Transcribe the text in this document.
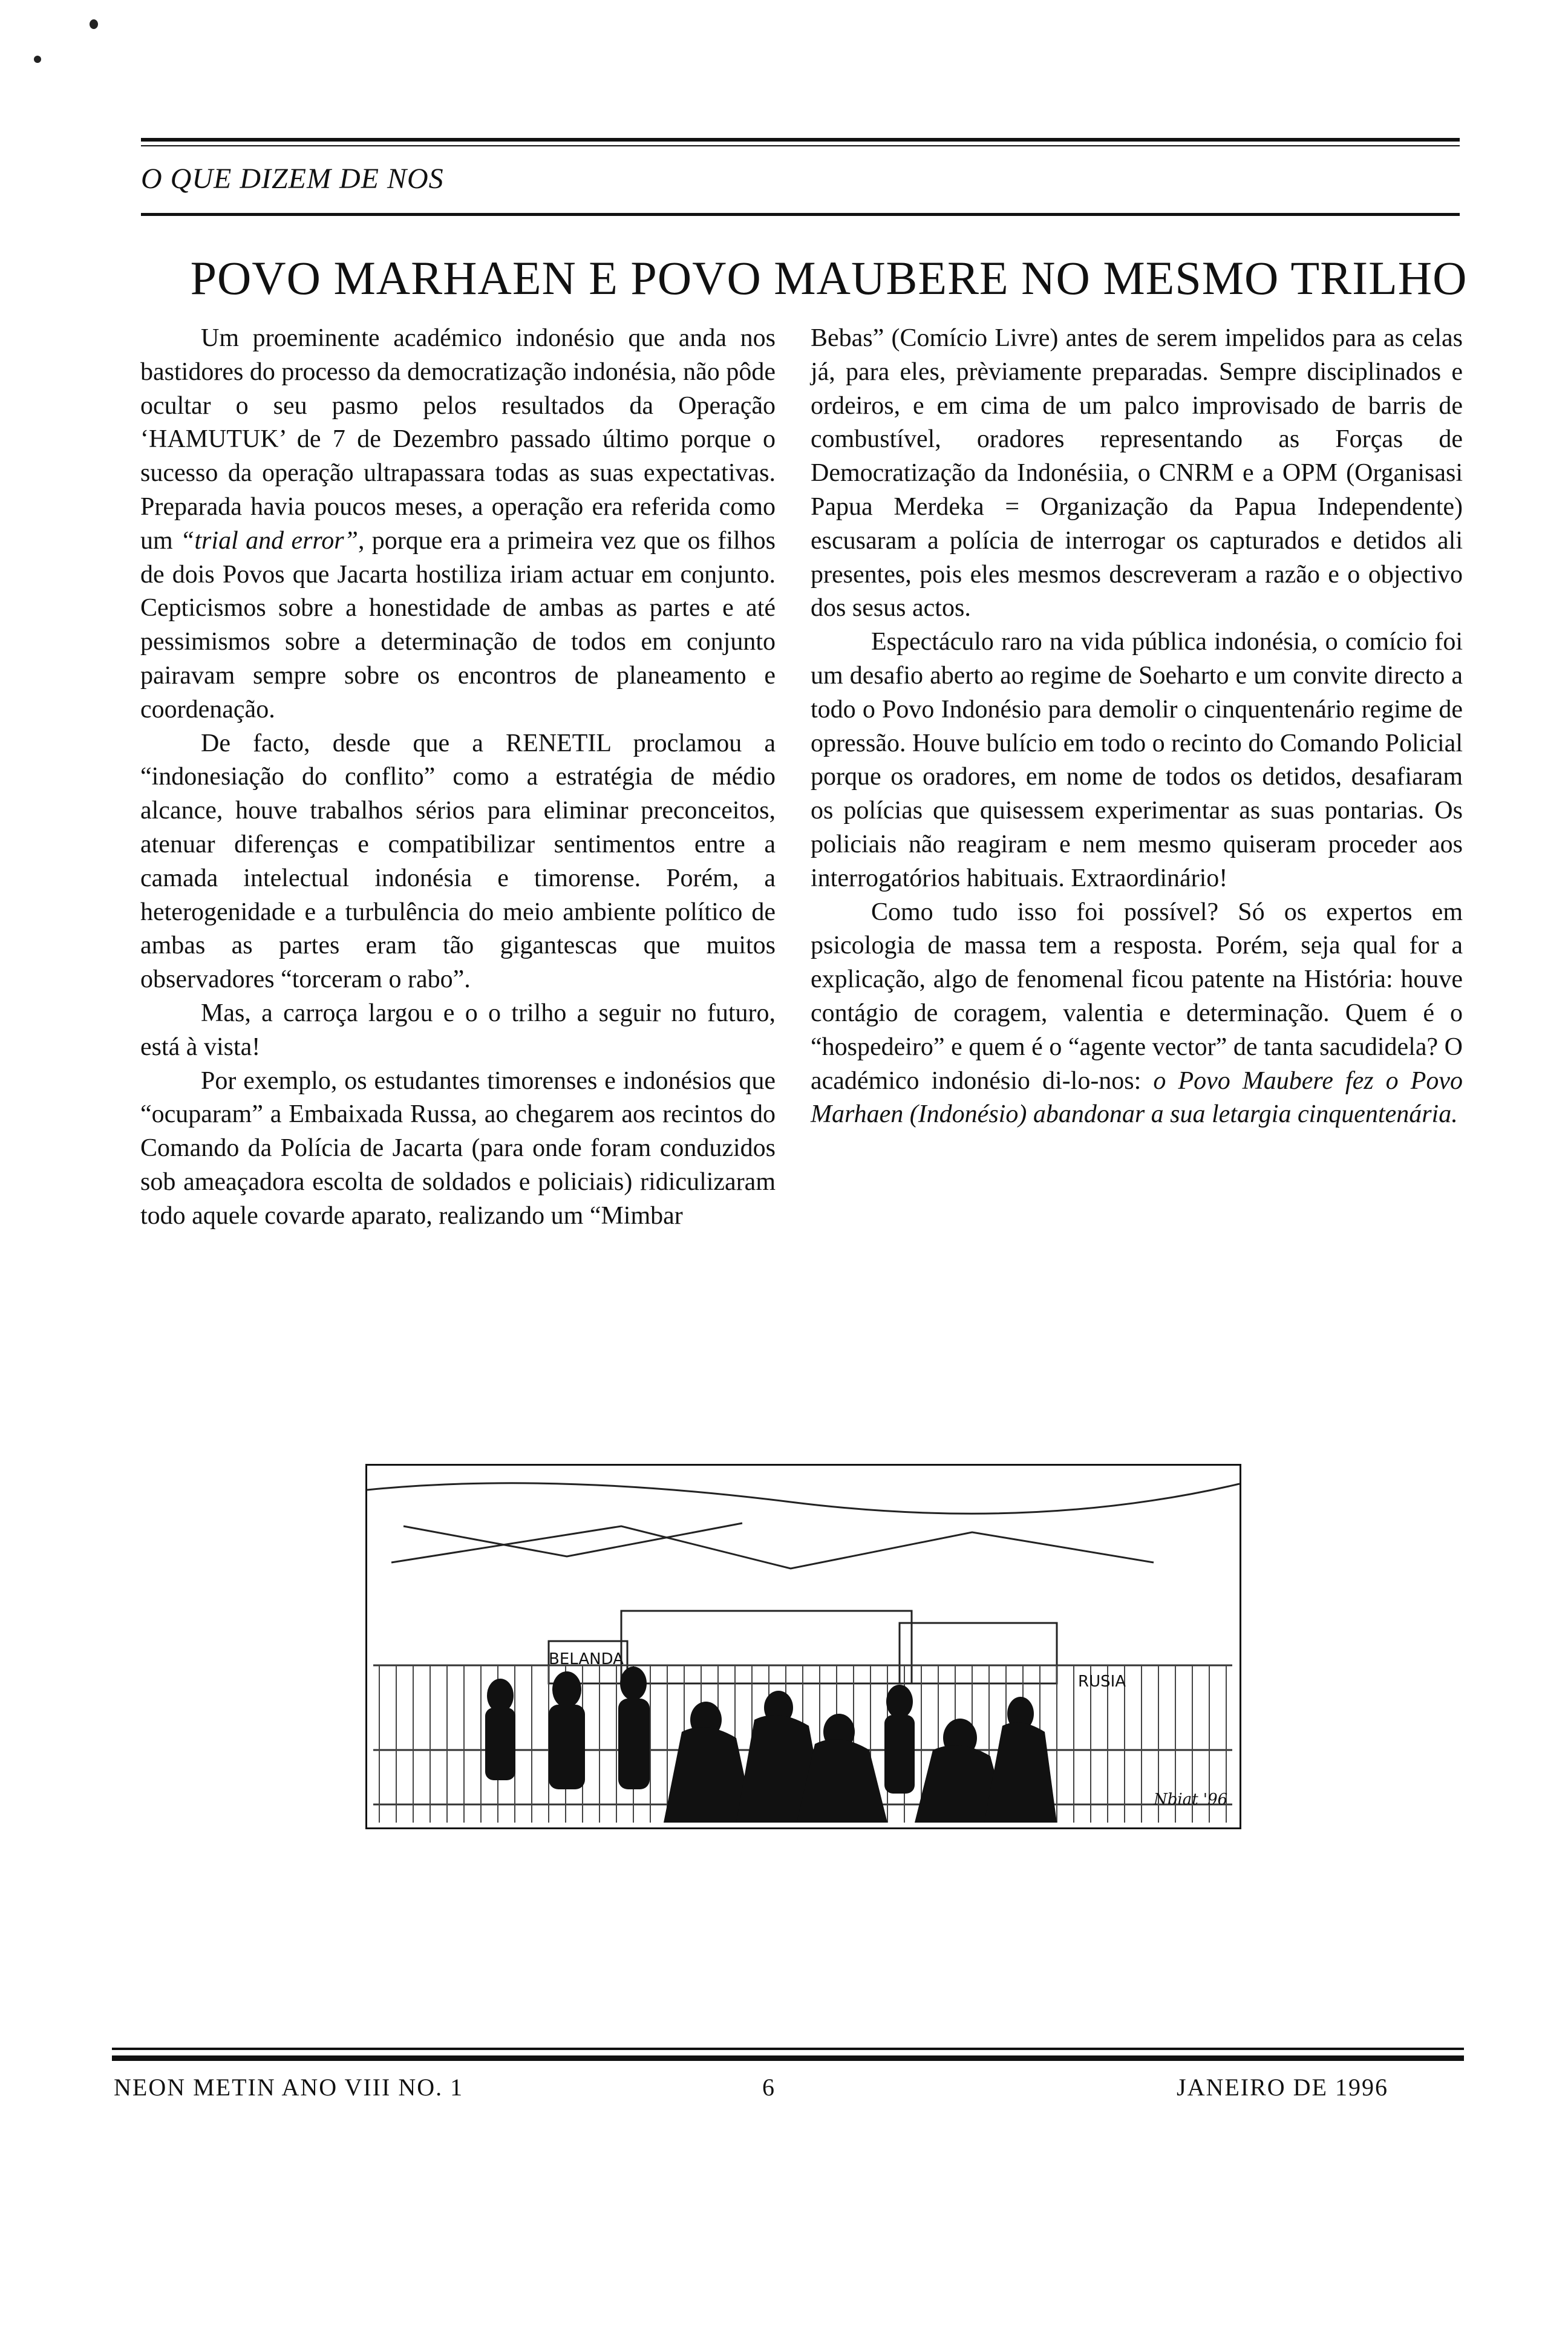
O QUE DIZEM DE NOS
POVO MARHAEN E POVO MAUBERE NO MESMO TRILHO

Um proeminente académico indonésio que anda nos bastidores do processo da democratização indonésia, não pôde ocultar o seu pasmo pelos resultados da Operação ‘HAMUTUK’ de 7 de Dezembro passado último porque o sucesso da operação ultrapassara todas as suas expectativas. Preparada havia poucos meses, a operação era referida como um “trial and error”, porque era a primeira vez que os filhos de dois Povos que Jacarta hostiliza iriam actuar em conjunto. Cepticismos sobre a honestidade de ambas as partes e até pessimismos sobre a determinação de todos em conjunto pairavam sempre sobre os encontros de planeamento e coordenação.

De facto, desde que a RENETIL proclamou a “indonesiação do conflito” como a estratégia de médio alcance, houve trabalhos sérios para eliminar preconceitos, atenuar diferenças e compatibilizar sentimentos entre a camada intelectual indonésia e timorense. Porém, a heterogenidade e a turbulência do meio ambiente político de ambas as partes eram tão gigantescas que muitos observadores “torceram o rabo”.

Mas, a carroça largou e o o trilho a seguir no futuro, está à vista!

Por exemplo, os estudantes timorenses e indonésios que “ocuparam” a Embaixada Russa, ao chegarem aos recintos do Comando da Polícia de Jacarta (para onde foram conduzidos sob ameaçadora escolta de soldados e policiais) ridiculizaram todo aquele covarde aparato, realizando um “Mimbar

Bebas” (Comício Livre) antes de serem impelidos para as celas já, para eles, prèviamente preparadas. Sempre disciplinados e ordeiros, e em cima de um palco improvisado de barris de combustível, oradores representando as Forças de Democratização da Indonésiia, o CNRM e a OPM (Organisasi Papua Merdeka = Organização da Papua Independente) escusaram a polícia de interrogar os capturados e detidos ali presentes, pois eles mesmos descreveram a razão e o objectivo dos sesus actos.

Espectáculo raro na vida pública indonésia, o comício foi um desafio aberto ao regime de Soeharto e um convite directo a todo o Povo Indonésio para demolir o cinquentenário regime de opressão. Houve bulício em todo o recinto do Comando Policial porque os oradores, em nome de todos os detidos, desafiaram os polícias que quisessem experimentar as suas pontarias. Os policiais não reagiram e nem mesmo quiseram proceder aos interrogatórios habituais. Extraordinário!

Como tudo isso foi possível? Só os expertos em psicologia de massa tem a resposta. Porém, seja qual for a explicação, algo de fenomenal ficou patente na História: houve contágio de coragem, valentia e determinação. Quem é o “hospedeiro” e quem é o “agente vector” de tanta sacudidela? O académico indonésio di-lo-nos: o Povo Maubere fez o Povo Marhaen (Indonésio) abandonar a sua letargia cinquentenária.

BELANDA
RUSIA
Nbiat '96
NEON METIN ANO VIII NO. 1	6	JANEIRO DE 1996
